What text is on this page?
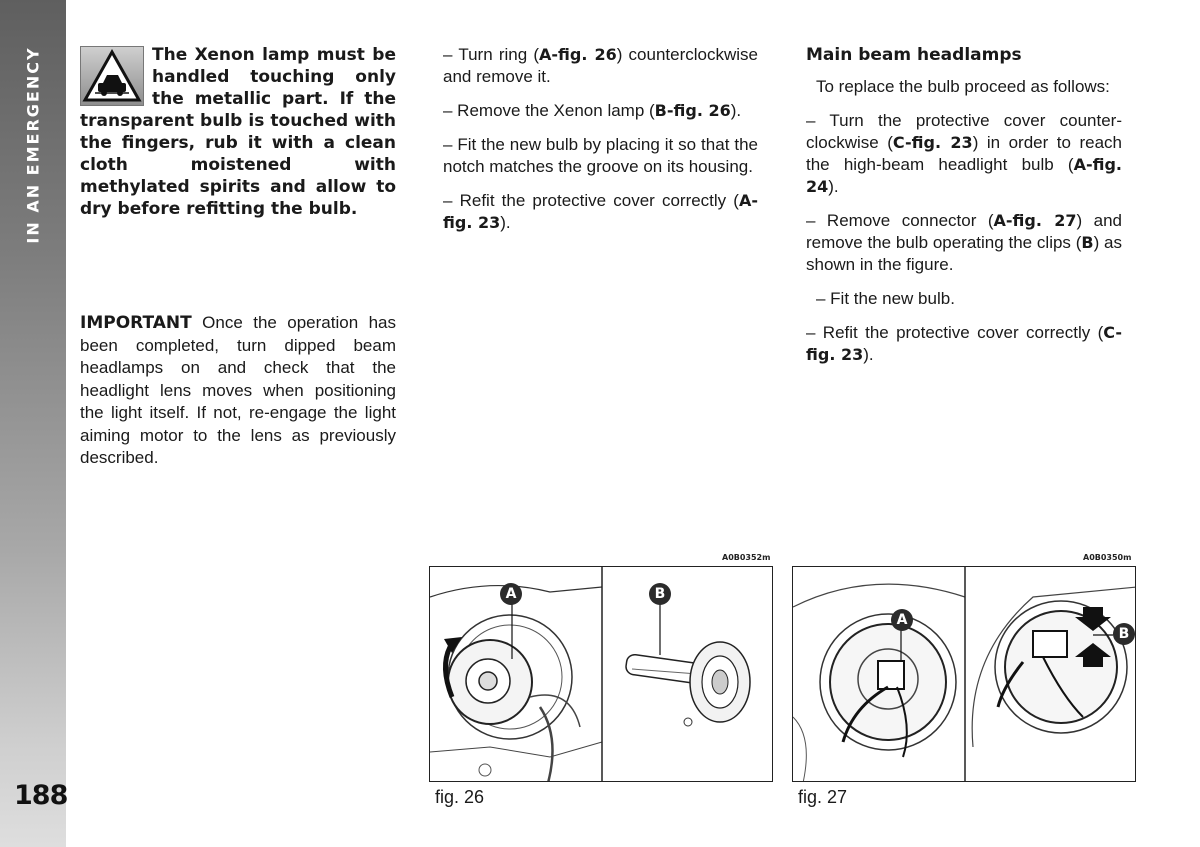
IN AN EMERGENCY
188

The Xenon lamp must be handled touching only the metallic part. If the transparent bulb is touched with the fingers, rub it with a clean cloth moistened with methylated spirits and allow to dry before refitting the bulb.

IMPORTANT Once the operation has been completed, turn dipped beam headlamps on and check that the headlight lens moves when positioning the light itself. If not, re-engage the light aiming motor to the lens as previously described.

– Turn ring (A-fig. 26) counterclockwise and remove it.

– Remove the Xenon lamp (B-fig. 26).

– Fit the new bulb by placing it so that the notch matches the groove on its housing.

– Refit the protective cover correctly (A-fig. 23).

Main beam headlamps

To replace the bulb proceed as follows:

– Turn the protective cover counter-clockwise (C-fig. 23) in order to reach the high-beam headlight bulb (A-fig. 24).

– Remove connector (A-fig. 27) and remove the bulb operating the clips (B) as shown in the figure.

– Fit the new bulb.

– Refit the protective cover correctly (C-fig. 23).

A0B0352m
A	B
fig. 26
A0B0350m
A
B
fig. 27
